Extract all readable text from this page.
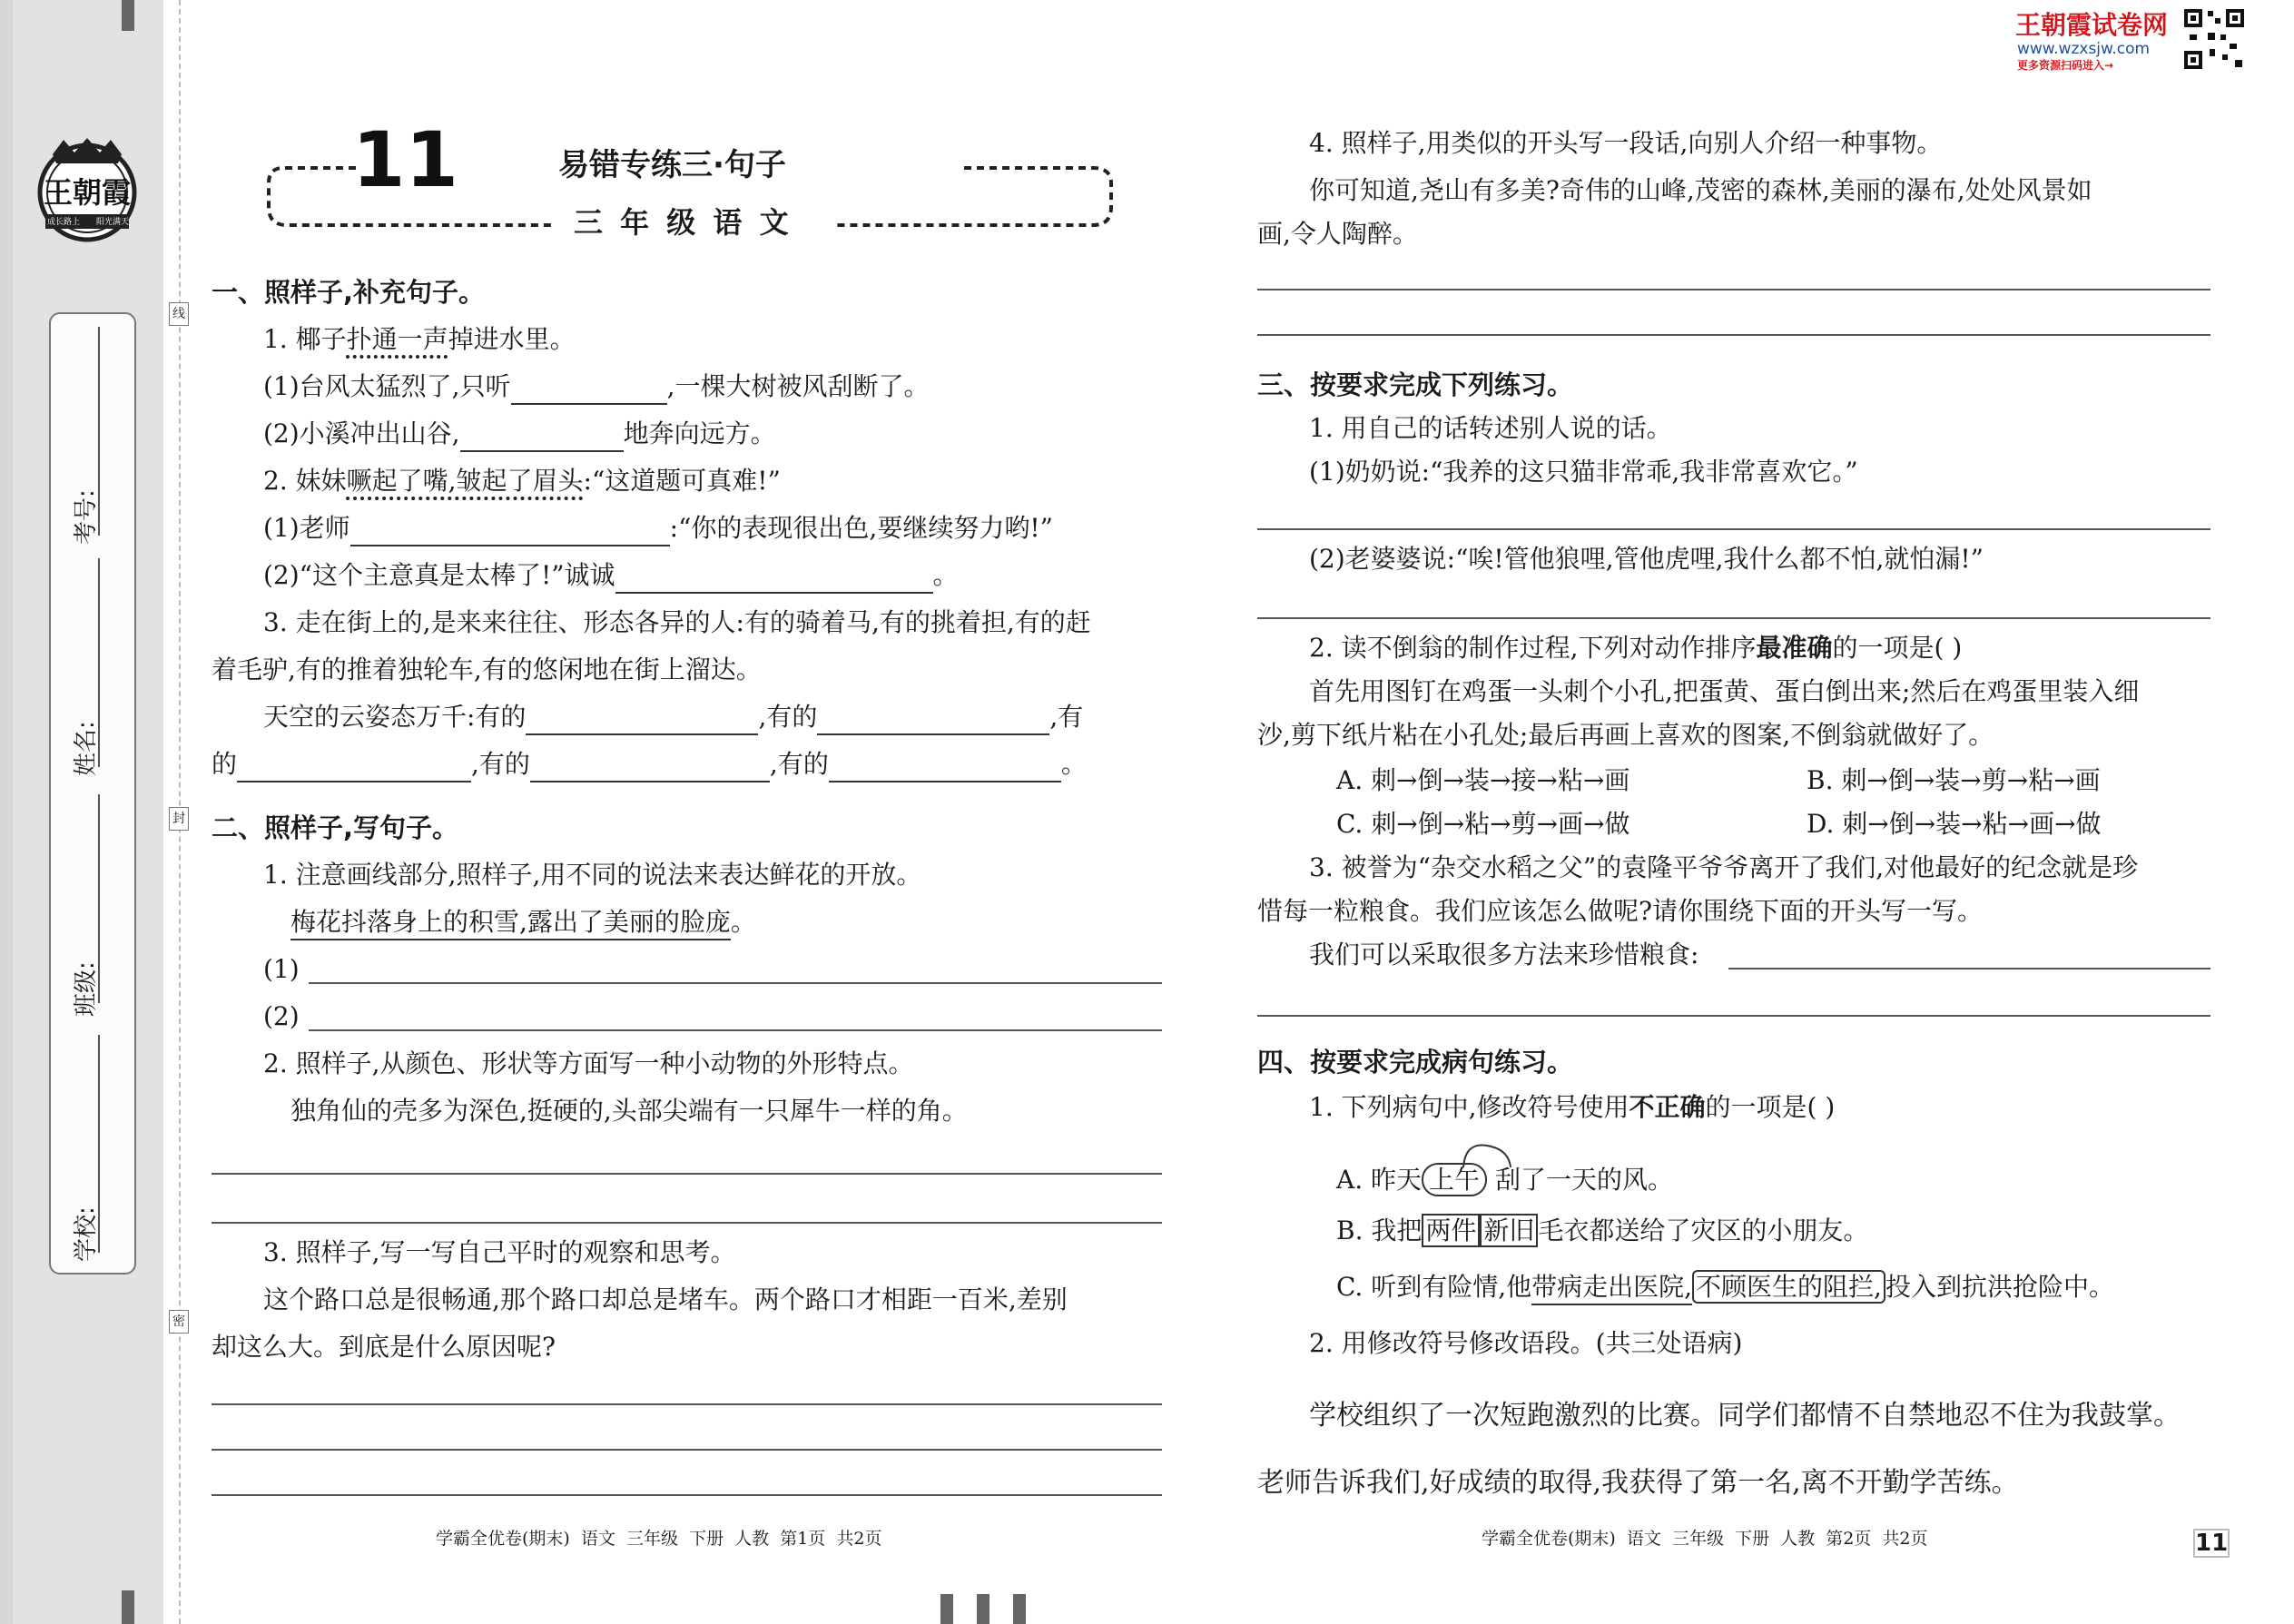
王朝霞
成长路上 阳光满天
考号:
姓名:
班级:
学校:
线
封
密
11	易错专练三·句子
三 年 级 语 文
王朝霞试卷网
www.wzxsjw.com
更多资源扫码进入→
一、照样子,补充句子。
1. 椰子扑通一声掉进水里。
(1)台风太猛烈了,只听	,一棵大树被风刮断了。
(2)小溪冲出山谷,	地奔向远方。
2. 妹妹噘起了嘴,皱起了眉头:“这道题可真难!”
(1)老师	:“你的表现很出色,要继续努力哟!”
(2)“这个主意真是太棒了!”诚诚	。
3. 走在街上的,是来来往往、形态各异的人:有的骑着马,有的挑着担,有的赶
着毛驴,有的推着独轮车,有的悠闲地在街上溜达。
天空的云姿态万千:有的	,有的	,有
的	,有的	,有的	。
二、照样子,写句子。
1. 注意画线部分,照样子,用不同的说法来表达鲜花的开放。
梅花抖落身上的积雪,露出了美丽的脸庞。
(1)
(2)
2. 照样子,从颜色、形状等方面写一种小动物的外形特点。
独角仙的壳多为深色,挺硬的,头部尖端有一只犀牛一样的角。
3. 照样子,写一写自己平时的观察和思考。
这个路口总是很畅通,那个路口却总是堵车。两个路口才相距一百米,差别
却这么大。到底是什么原因呢?
学霸全优卷(期末)  语文  三年级  下册  人教  第1页  共2页
4. 照样子,用类似的开头写一段话,向别人介绍一种事物。
你可知道,尧山有多美?奇伟的山峰,茂密的森林,美丽的瀑布,处处风景如
画,令人陶醉。
三、按要求完成下列练习。
1. 用自己的话转述别人说的话。
(1)奶奶说:“我养的这只猫非常乖,我非常喜欢它。”
(2)老婆婆说:“唉!管他狼哩,管他虎哩,我什么都不怕,就怕漏!”
2. 读不倒翁的制作过程,下列对动作排序最准确的一项是( )
首先用图钉在鸡蛋一头刺个小孔,把蛋黄、蛋白倒出来;然后在鸡蛋里装入细
沙,剪下纸片粘在小孔处;最后再画上喜欢的图案,不倒翁就做好了。
A. 刺→倒→装→接→粘→画	B. 刺→倒→装→剪→粘→画
C. 刺→倒→粘→剪→画→做	D. 刺→倒→装→粘→画→做
3. 被誉为“杂交水稻之父”的袁隆平爷爷离开了我们,对他最好的纪念就是珍
惜每一粒粮食。我们应该怎么做呢?请你围绕下面的开头写一写。
我们可以采取很多方法来珍惜粮食:
四、按要求完成病句练习。
1. 下列病句中,修改符号使用不正确的一项是( )
A. 昨天 上午 刮了一天的风。
B. 我把 两件 新旧 毛衣都送给了灾区的小朋友。
C. 听到有险情,他带病走出医院, 不顾医生的阻拦, 投入到抗洪抢险中。
2. 用修改符号修改语段。(共三处语病)
学校组织了一次短跑激烈的比赛。同学们都情不自禁地忍不住为我鼓掌。
老师告诉我们,好成绩的取得,我获得了第一名,离不开勤学苦练。
学霸全优卷(期末)  语文  三年级  下册  人教  第2页  共2页	11
